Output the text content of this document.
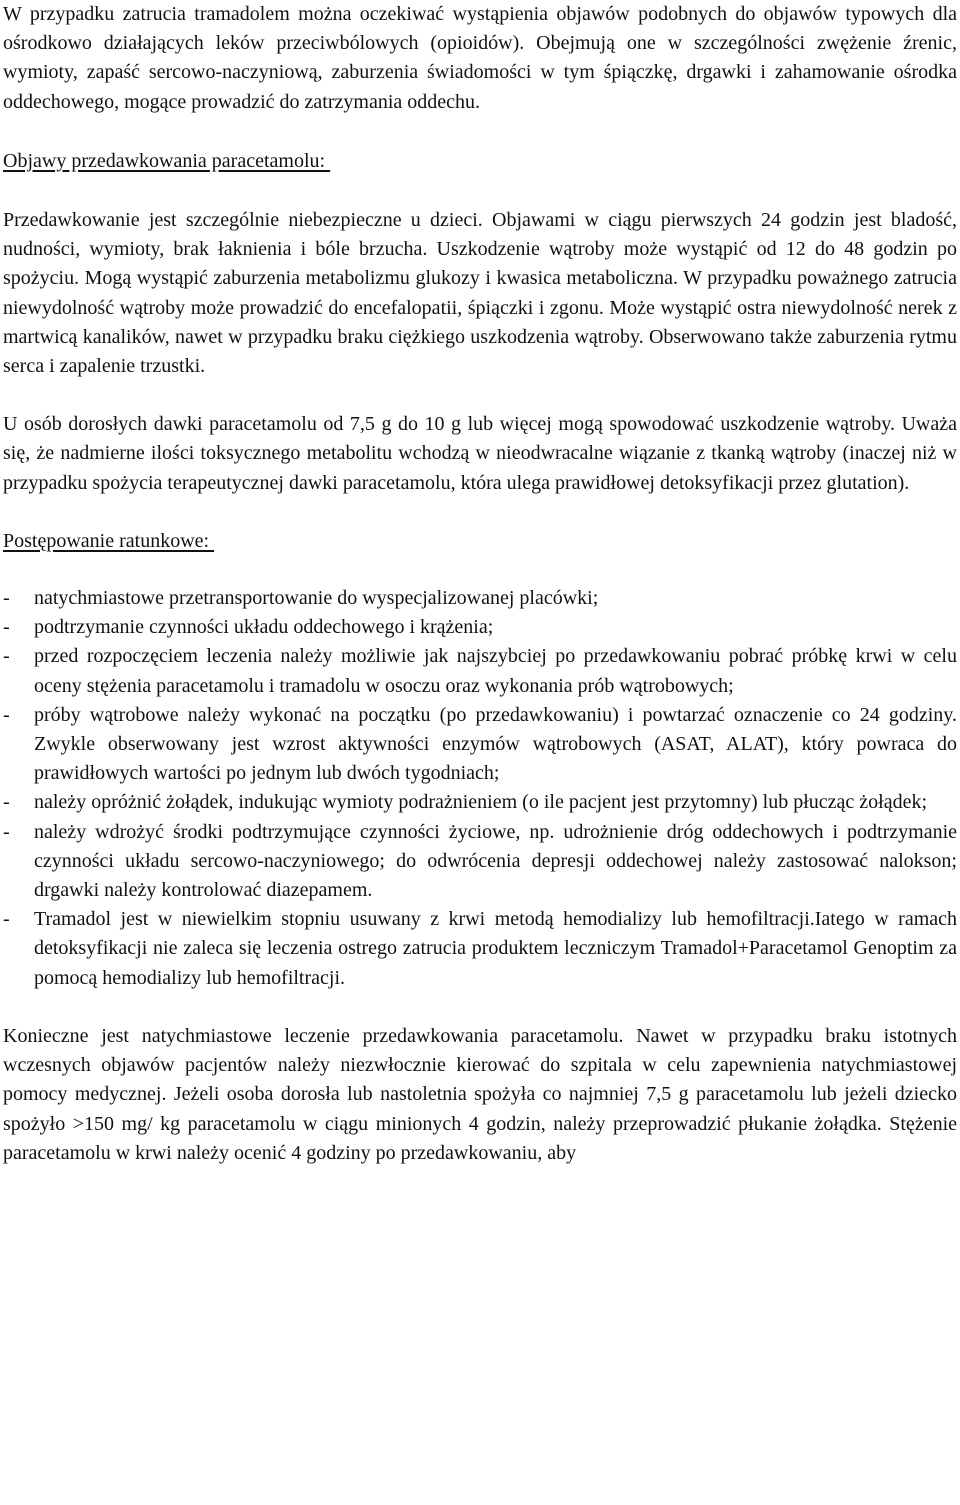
W przypadku zatrucia tramadolem można oczekiwać wystąpienia objawów podobnych do objawów typowych dla ośrodkowo działających leków przeciwbólowych (opioidów). Obejmują one w szczególności zwężenie źrenic, wymioty, zapaść sercowo-naczyniową, zaburzenia świadomości w tym śpiączkę, drgawki i zahamowanie ośrodka oddechowego, mogące prowadzić do zatrzymania oddechu.

Objawy przedawkowania paracetamolu:

Przedawkowanie jest szczególnie niebezpieczne u dzieci. Objawami w ciągu pierwszych 24 godzin jest bladość, nudności, wymioty, brak łaknienia i bóle brzucha. Uszkodzenie wątroby może wystąpić od 12 do 48 godzin po spożyciu. Mogą wystąpić zaburzenia metabolizmu glukozy i kwasica metaboliczna. W przypadku poważnego zatrucia niewydolność wątroby może prowadzić do encefalopatii, śpiączki i zgonu. Może wystąpić ostra niewydolność nerek z martwicą kanalików, nawet w przypadku braku ciężkiego uszkodzenia wątroby. Obserwowano także zaburzenia rytmu serca i zapalenie trzustki.

U osób dorosłych dawki paracetamolu od 7,5 g do 10 g lub więcej mogą spowodować uszkodzenie wątroby. Uważa się, że nadmierne ilości toksycznego metabolitu wchodzą w nieodwracalne wiązanie z tkanką wątroby (inaczej niż w przypadku spożycia terapeutycznej dawki paracetamolu, która ulega prawidłowej detoksyfikacji przez glutation).

Postępowanie ratunkowe:

- natychmiastowe przetransportowanie do wyspecjalizowanej placówki;
- podtrzymanie czynności układu oddechowego i krążenia;
- przed rozpoczęciem leczenia należy możliwie jak najszybciej po przedawkowaniu pobrać próbkę krwi w celu oceny stężenia paracetamolu i tramadolu w osoczu oraz wykonania prób wątrobowych;
- próby wątrobowe należy wykonać na początku (po przedawkowaniu) i powtarzać oznaczenie co 24 godziny. Zwykle obserwowany jest wzrost aktywności enzymów wątrobowych (ASAT, ALAT), który powraca do prawidłowych wartości po jednym lub dwóch tygodniach;
- należy opróżnić żołądek, indukując wymioty podrażnieniem (o ile pacjent jest przytomny) lub płucząc żołądek;
- należy wdrożyć środki podtrzymujące czynności życiowe, np. udrożnienie dróg oddechowych i podtrzymanie czynności układu sercowo-naczyniowego; do odwrócenia depresji oddechowej należy zastosować nalokson; drgawki należy kontrolować diazepamem.
- Tramadol jest w niewielkim stopniu usuwany z krwi metodą hemodializy lub hemofiltracji.Iatego w ramach detoksyfikacji nie zaleca się leczenia ostrego zatrucia produktem leczniczym Tramadol+Paracetamol Genoptim za pomocą hemodializy lub hemofiltracji.

Konieczne jest natychmiastowe leczenie przedawkowania paracetamolu. Nawet w przypadku braku istotnych wczesnych objawów pacjentów należy niezwłocznie kierować do szpitala w celu zapewnienia natychmiastowej pomocy medycznej. Jeżeli osoba dorosła lub nastoletnia spożyła co najmniej 7,5 g paracetamolu lub jeżeli dziecko spożyło >150 mg/ kg paracetamolu w ciągu minionych 4 godzin, należy przeprowadzić płukanie żołądka. Stężenie paracetamolu w krwi należy ocenić 4 godziny po przedawkowaniu, aby
